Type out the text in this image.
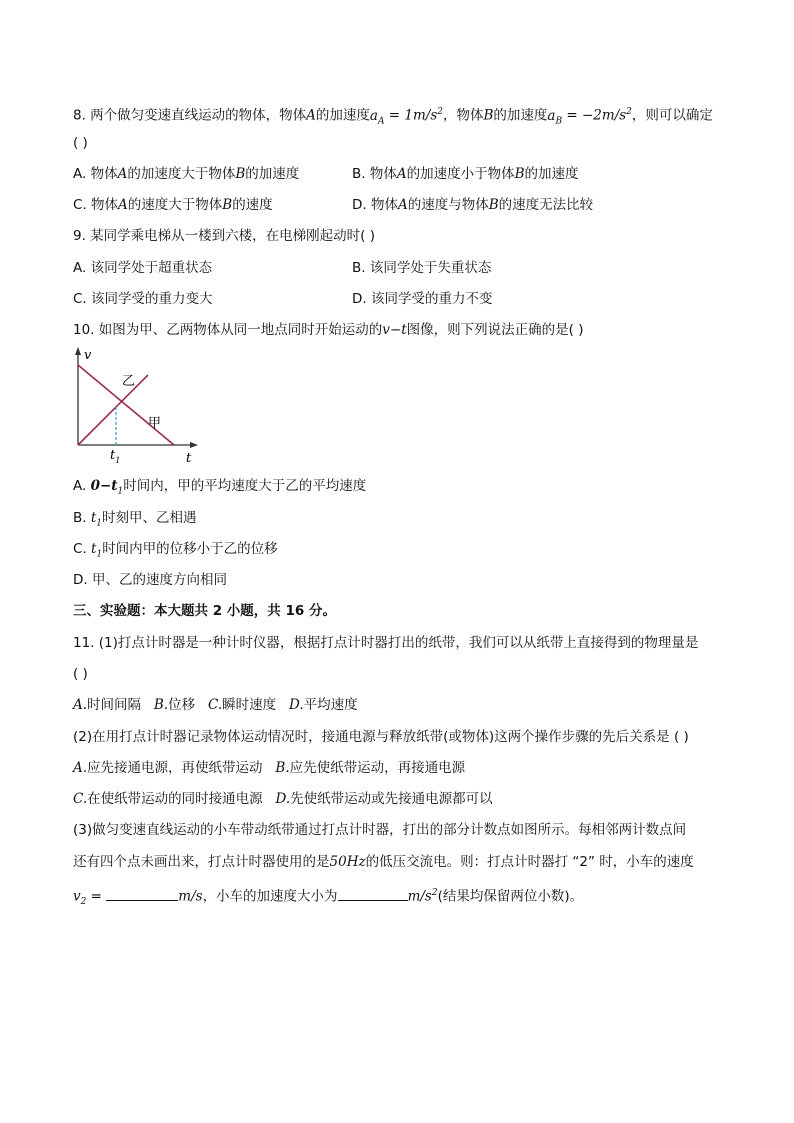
8. 两个做匀变速直线运动的物体，物体A的加速度$a_A = 1m/s^2$，物体B的加速度$a_B = -2m/s^2$，则可以确定
( )
A. 物体A的加速度大于物体B的加速度	B. 物体A的加速度小于物体B的加速度
C. 物体A的速度大于物体B的速度	D. 物体A的速度与物体B的速度无法比较
9. 某同学乘电梯从一楼到六楼，在电梯刚起动时( )
A. 该同学处于超重状态	B. 该同学处于失重状态
C. 该同学受的重力变大	D. 该同学受的重力不变
10. 如图为甲、乙两物体从同一地点同时开始运动的v−t图像，则下列说法正确的是( )
v
t
$t_1$
乙
甲
A. $0-t_1$时间内，甲的平均速度大于乙的平均速度
B. $t_1$时刻甲、乙相遇
C. $t_1$时间内甲的位移小于乙的位移
D. 甲、乙的速度方向相同
三、实验题：本大题共 2 小题，共 16 分。
11. (1)打点计时器是一种计时仪器，根据打点计时器打出的纸带，我们可以从纸带上直接得到的物理量是
( )
A.时间间隔 B.位移 C.瞬时速度 D.平均速度
(2)在用打点计时器记录物体运动情况时，接通电源与释放纸带(或物体)这两个操作步骤的先后关系是 ( )
A.应先接通电源，再使纸带运动 B.应先使纸带运动，再接通电源
C.在使纸带运动的同时接通电源 D.先使纸带运动或先接通电源都可以
(3)做匀变速直线运动的小车带动纸带通过打点计时器，打出的部分计数点如图所示。每相邻两计数点间
还有四个点未画出来，打点计时器使用的是50Hz的低压交流电。则：打点计时器打 “2” 时，小车的速度
$v_2$ =	m/s，小车的加速度大小为	$m/s^2$(结果均保留两位小数)。
